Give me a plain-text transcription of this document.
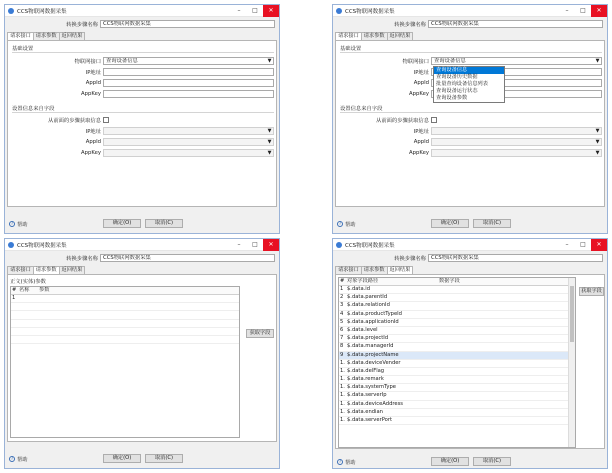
CCS物联网数据采集	–	□	✕
转换步骤名称 CCS物联网数据采集
请求接口 请求参数 返回结果
基础设置
物联网接口 查询设备信息	▼
IP地址
AppId
AppKey
设置信息来自字段
从前面的步骤获取信息
IP地址	▼
AppId	▼
AppKey	▼
? 帮助	确定(O)	取消(C)
CCS物联网数据采集	–	□	✕
转换步骤名称 CCS物联网数据采集
请求接口 请求参数 返回结果
基础设置
物联网接口 查询设备信息	▼
IP地址
AppId
AppKey
设置信息来自字段
从前面的步骤获取信息
IP地址	▼
AppId	▼
AppKey	▼
查询设备信息
查询设备历史数据
批量查询设备信息列表
查询设备运行状态
查询设备参数
? 帮助	确定(O)	取消(C)
CCS物联网数据采集	–	□	✕
转换步骤名称 CCS物联网数据采集
请求接口 请求参数 返回结果
正文(实体)参数
# 名称	参数
1
获取字段
? 帮助	确定(O)	取消(C)
CCS物联网数据采集	–	□	✕
转换步骤名称 CCS物联网数据采集
请求接口 请求参数 返回结果
# 对象字段路径	数据字段
1 $.data.id
2 $.data.parentId
3 $.data.relationId
4 $.data.productTypeId
5 $.data.applicationId
6 $.data.level
7 $.data.projectId
8 $.data.managerId
9 $.data.projectName
1. $.data.deviceVender
1. $.data.delFlag
1. $.data.remark
1. $.data.systemType
1. $.data.serverIp
1. $.data.deviceAddress
1. $.data.endian
1. $.data.serverPort
获取字段
? 帮助	确定(O)	取消(C)
